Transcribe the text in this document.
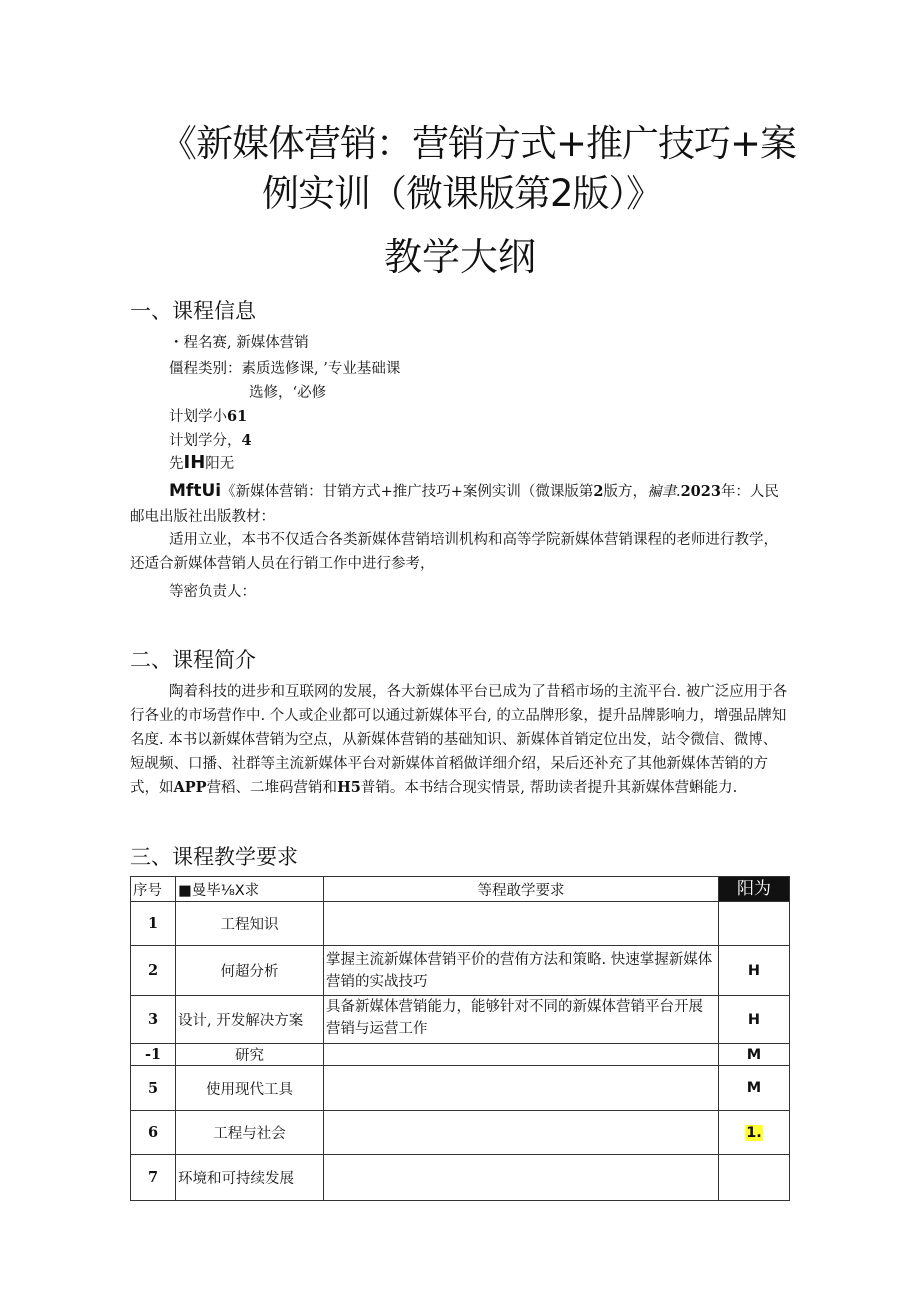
《新媒体营销：营销方式+推广技巧+案
例实训（微课版第2版）》
教学大纲
一、课程信息
・程名赛, 新媒体营销
僵程类别：素质选修课, ’专业基础课
选修，‘必修
计划学小61
计划学分，4
先IH阳无
MftUi《新媒体营销：甘销方式+推广技巧+案例实训（微课版第2版方，褊聿.2023年：人民
邮电出版社出版教材：
适用立业，本书不仅适合各类新媒体营销培训机构和高等学院新媒体营销课程的老师进行教学，还适合新媒体营销人员在行销工作中进行参考，
等密负责人：
二、课程简介
陶着科技的进步和互联网的发展，各大新媒体平台已成为了昔稻市场的主流平台. 被广泛应用于各行各业的市场营作中. 个人或企业都可以通过新媒体平台, 的立品牌形象，提升品牌影响力，增强品牌知名度. 本书以新媒体营销为空点，从新媒体营销的基础知识、新媒体首销定位出发，站令微信、微博、短觇频、口播、社群等主流新媒体平台对新媒体首稻做详细介绍，呆后还补充了其他新媒体苦销的方式，如APP营稻、二堆码营销和H5普销。本书结合现实情景, 帮助读者提升其新媒体营蝌能力.
三、课程教学要求
序号	■曼毕⅛X求	等程敢学要求	阳为
1	工程知识		
2	何超分析	掌握主流新媒体营销平价的营侑方法和策略. 快速掌握新媒体营销的实战技巧	H
3	设计, 开发解决方案	具备新媒体营销能力，能够针对不同的新媒体营销平台开展营销与运营工作	H
-1	研究		M
5	使用现代工具		M
6	工程与社会		1.
7	环境和可持续发展		
